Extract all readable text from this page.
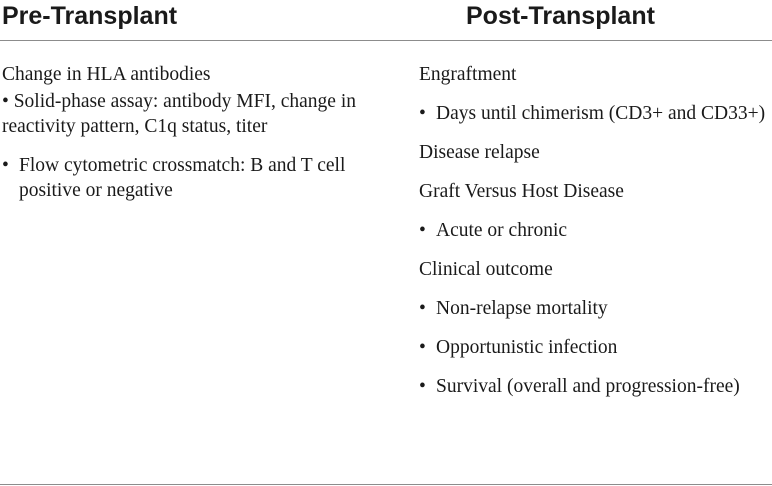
Pre-Transplant	Post-Transplant
Change in HLA antibodies
• Solid-phase assay: antibody MFI, change in reactivity pattern, C1q status, titer
• Flow cytometric crossmatch: B and T cell positive or negative
Engraftment
• Days until chimerism (CD3+ and CD33+)
Disease relapse
Graft Versus Host Disease
• Acute or chronic
Clinical outcome
• Non-relapse mortality
• Opportunistic infection
• Survival (overall and progression-free)
